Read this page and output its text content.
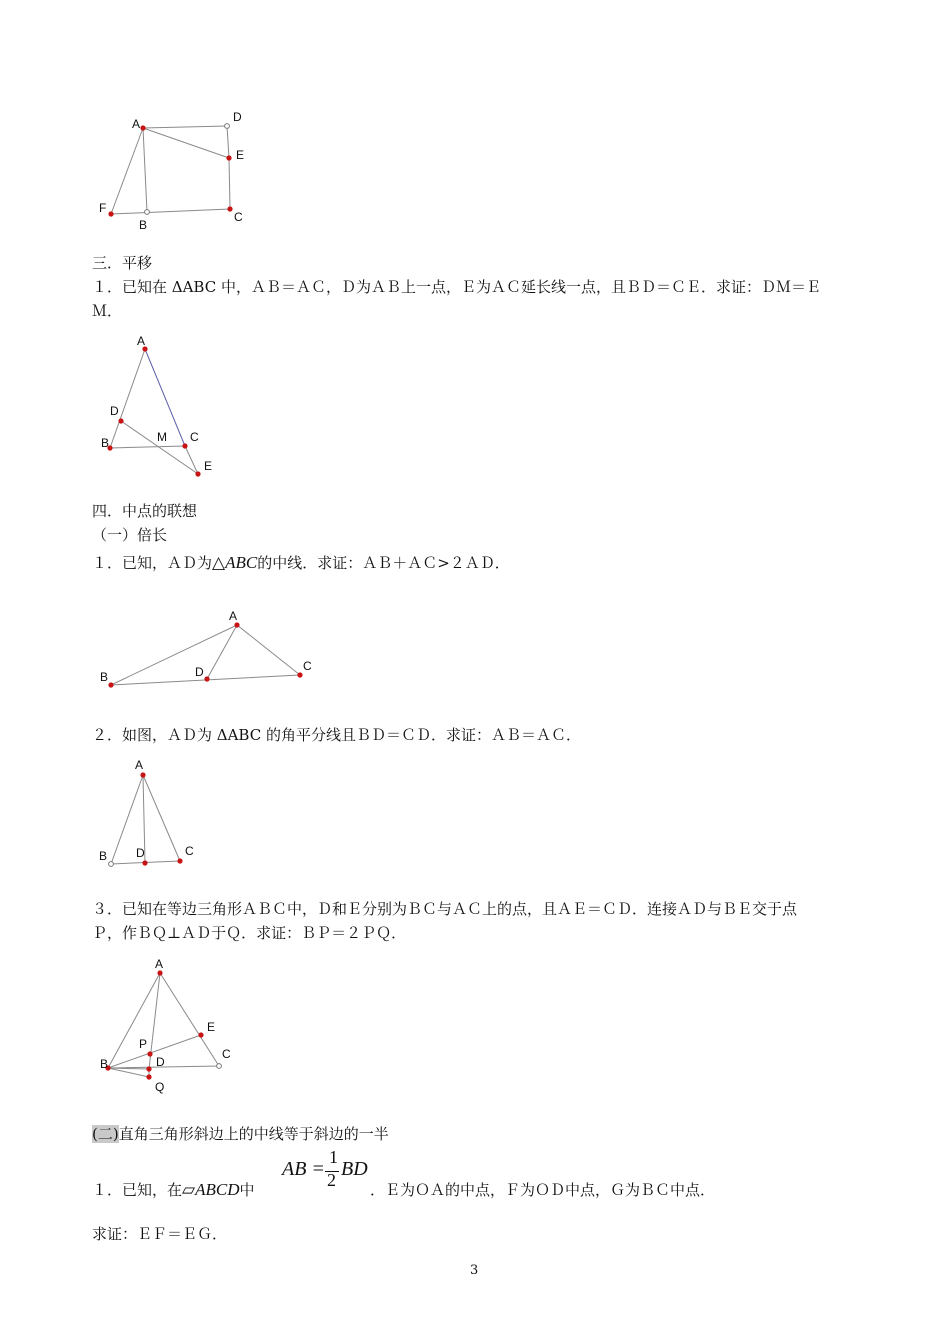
A	D
E
F
B
C
三．平移
１．已知在 ΔABC 中，ＡＢ＝ＡＣ，Ｄ为ＡＢ上一点，Ｅ为ＡＣ延长线一点，且ＢＤ＝ＣＥ．求证：ＤＭ＝Ｅ
Ｍ．
A
D
B	M C
E
四．中点的联想
（一）倍长
１．已知，ＡＤ为△ABC的中线．求证：ＡＢ＋ＡＣ>２ＡＤ．
A
B	D	C
２．如图，ＡＤ为 ΔABC 的角平分线且ＢＤ＝ＣＤ．求证：ＡＢ＝ＡＣ．
A
B D	C
３．已知在等边三角形ＡＢＣ中，Ｄ和Ｅ分别为ＢＣ与ＡＣ上的点，且ＡＥ＝ＣＤ．连接ＡＤ与ＢＥ交于点
Ｐ，作ＢＱ⊥ＡＤ于Ｑ．求证：ＢＰ＝２ＰＱ．
A
E
P
D
C
B
Q
(二)直角三角形斜边上的中线等于斜边的一半
１．已知，在▱ABCD中
AB =
1
2 BD
．Ｅ为ＯＡ的中点，Ｆ为ＯＤ中点，Ｇ为ＢＣ中点．
求证：ＥＦ＝ＥＧ．
3
